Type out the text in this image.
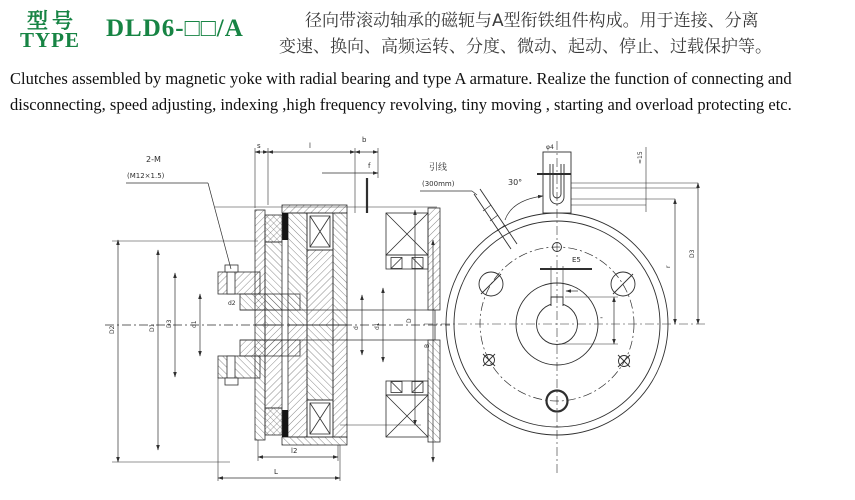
型号
TYPE DLD6-□□/A	径向带滚动轴承的磁轭与A型衔铁组件构成。用于连接、分离
变速、换向、高频运转、分度、微动、起动、停止、过载保护等。
Clutches assembled by magnetic yoke with radial bearing and type A armature. Realize the function of connecting and
disconnecting, speed adjusting, indexing ,high frequency revolving, tiny moving , starting and overload protecting etc.
2-M
(M12×1.5)
s	l
b
f
D2	D1 D3	d1
d2
d d1
D
B
l2
L
引线
(300mm)	30°
E5
-
φ4
≈15
r
D3
